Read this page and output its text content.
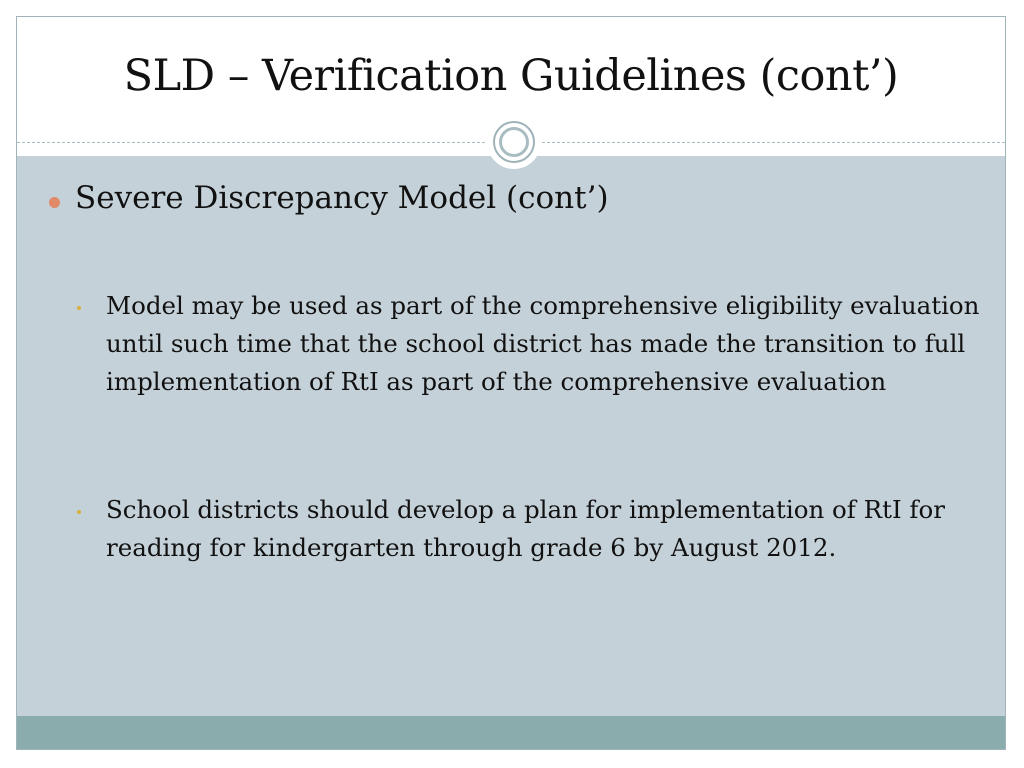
SLD – Verification Guidelines (cont’)
Severe Discrepancy Model (cont’)
Model may be used as part of the comprehensive eligibility evaluation until such time that the school district has made the transition to full implementation of RtI as part of the comprehensive evaluation
School districts should develop a plan for implementation of RtI for reading for kindergarten through grade 6 by August 2012.
